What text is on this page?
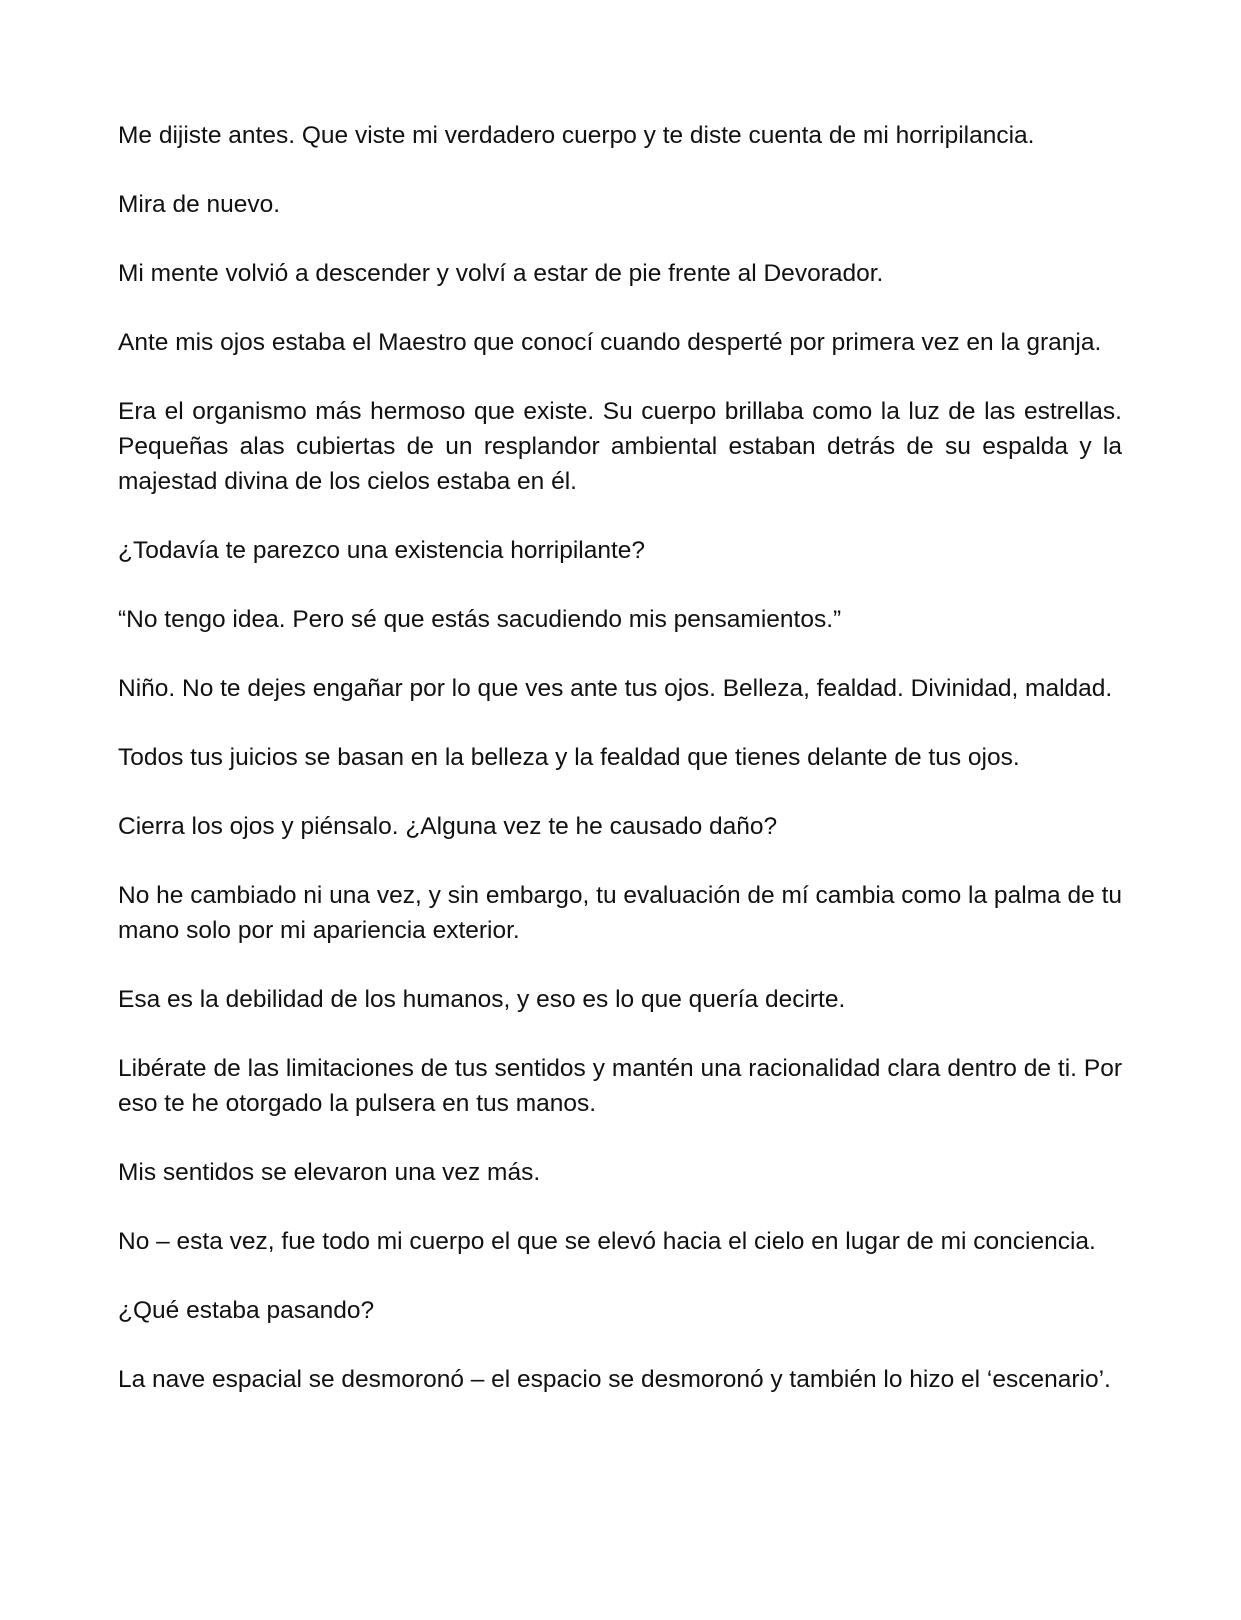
Me dijiste antes. Que viste mi verdadero cuerpo y te diste cuenta de mi horripilancia.

Mira de nuevo.

Mi mente volvió a descender y volví a estar de pie frente al Devorador.

Ante mis ojos estaba el Maestro que conocí cuando desperté por primera vez en la granja.

Era el organismo más hermoso que existe. Su cuerpo brillaba como la luz de las estrellas. Pequeñas alas cubiertas de un resplandor ambiental estaban detrás de su espalda y la majestad divina de los cielos estaba en él.

¿Todavía te parezco una existencia horripilante?

“No tengo idea. Pero sé que estás sacudiendo mis pensamientos.”

Niño. No te dejes engañar por lo que ves ante tus ojos. Belleza, fealdad. Divinidad, maldad.

Todos tus juicios se basan en la belleza y la fealdad que tienes delante de tus ojos.

Cierra los ojos y piénsalo. ¿Alguna vez te he causado daño?

No he cambiado ni una vez, y sin embargo, tu evaluación de mí cambia como la palma de tu mano solo por mi apariencia exterior.

Esa es la debilidad de los humanos, y eso es lo que quería decirte.

Libérate de las limitaciones de tus sentidos y mantén una racionalidad clara dentro de ti. Por eso te he otorgado la pulsera en tus manos.

Mis sentidos se elevaron una vez más.

No – esta vez, fue todo mi cuerpo el que se elevó hacia el cielo en lugar de mi conciencia.

¿Qué estaba pasando?

La nave espacial se desmoronó – el espacio se desmoronó y también lo hizo el ‘escenario’.
